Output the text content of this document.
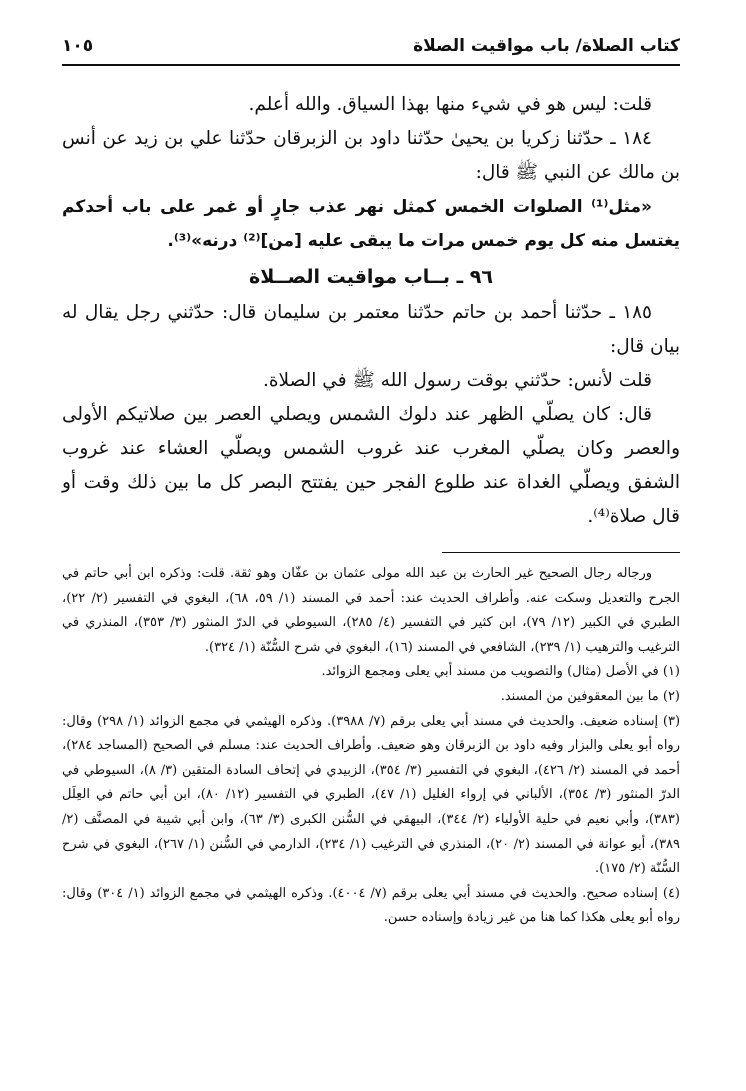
كتاب الصلاة/ باب مواقيت الصلاة
١٠٥

قلت: ليس هو في شيء منها بهذا السياق. والله أعلم.

١٨٤ ـ حدّثنا زكريا بن يحيىٰ حدّثنا داود بن الزبرقان حدّثنا علي بن زيد عن أنس بن مالك عن النبي ﷺ قال:

«مثل⁽¹⁾ الصلوات الخمس كمثل نهر عذب جارٍ أو غمر على باب أحدكم يغتسل منه كل يوم خمس مرات ما يبقى عليه [من]⁽²⁾ درنه»⁽³⁾.

٩٦ ـ بــاب مواقيت الصــلاة

١٨٥ ـ حدّثنا أحمد بن حاتم حدّثنا معتمر بن سليمان قال: حدّثني رجل يقال له بيان قال:

قلت لأنس: حدّثني بوقت رسول الله ﷺ في الصلاة.

قال: كان يصلّي الظهر عند دلوك الشمس ويصلي العصر بين صلاتيكم الأولى والعصر وكان يصلّي المغرب عند غروب الشمس ويصلّي العشاء عند غروب الشفق ويصلّي الغداة عند طلوع الفجر حين يفتتح البصر كل ما بين ذلك وقت أو قال صلاة⁽⁴⁾.

ورجاله رجال الصحيح غير الحارث بن عبد الله مولى عثمان بن عفّان وهو ثقة. قلت: وذكره ابن أبي حاتم في الجرح والتعديل وسكت عنه. وأطراف الحديث عند: أحمد في المسند (١/ ٥٩، ٦٨)، البغوي في التفسير (٢/ ٢٢)، الطبري في الكبير (١٢/ ٧٩)، ابن كثير في التفسير (٤/ ٢٨٥)، السيوطي في الدرّ المنثور (٣/ ٣٥٣)، المنذري في الترغيب والترهيب (١/ ٢٣٩)، الشافعي في المسند (١٦)، البغوي في شرح السُّنّة (١/ ٣٢٤).

(١) في الأصل (مثال) والتصويب من مسند أبي يعلى ومجمع الزوائد.

(٢) ما بين المعقوفين من المسند.

(٣) إسناده ضعيف. والحديث في مسند أبي يعلى برقم (٧/ ٣٩٨٨). وذكره الهيثمي في مجمع الزوائد (١/ ٢٩٨) وقال: رواه أبو يعلى والبزار وفيه داود بن الزبرقان وهو ضعيف. وأطراف الحديث عند: مسلم في الصحيح (المساجد ٢٨٤)، أحمد في المسند (٢/ ٤٢٦)، البغوي في التفسير (٣/ ٣٥٤)، الزبيدي في إتحاف السادة المتقين (٣/ ٨)، السيوطي في الدرّ المنثور (٣/ ٣٥٤)، الألباني في إرواء الغليل (١/ ٤٧)، الطبري في التفسير (١٢/ ٨٠)، ابن أبي حاتم في العِلَل (٣٨٣)، وأبي نعيم في حلية الأولياء (٢/ ٣٤٤)، البيهقي في السُّنن الكبرى (٣/ ٦٣)، وابن أبي شيبة في المصنَّف (٢/ ٣٨٩)، أبو عوانة في المسند (٢/ ٢٠)، المنذري في الترغيب (١/ ٢٣٤)، الدارمي في السُّنن (١/ ٢٦٧)، البغوي في شرح السُّنّة (٢/ ١٧٥).

(٤) إسناده صحيح. والحديث في مسند أبي يعلى برقم (٧/ ٤٠٠٤). وذكره الهيثمي في مجمع الزوائد (١/ ٣٠٤) وقال: رواه أبو يعلى هكذا كما هنا من غير زيادة وإسناده حسن.
